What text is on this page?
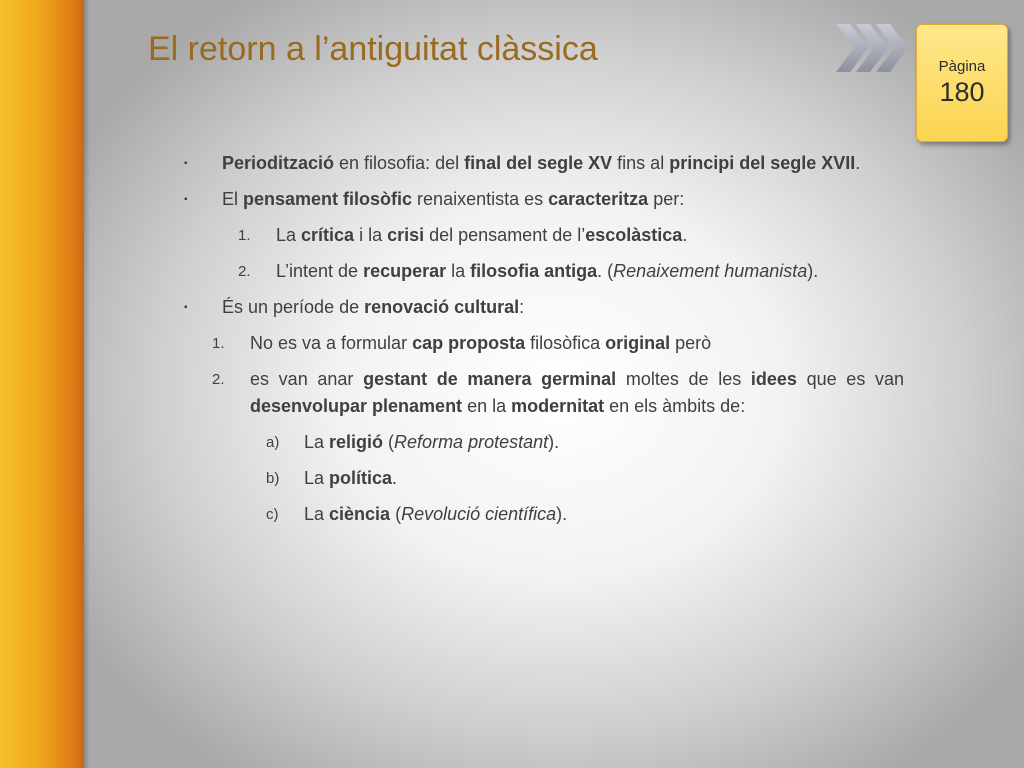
El retorn a l’antiguitat clàssica	Pàgina
180
▪ Periodització en filosofia: del final del segle XV fins al principi del segle XVII.
▪ El pensament filosòfic renaixentista es caracteritza per:
1. La crítica i la crisi del pensament de l’escolàstica.
2. L’intent de recuperar la filosofia antiga. (Renaixement humanista).
▪ És un període de renovació cultural:
1. No es va a formular cap proposta filosòfica original però
2. es van anar gestant de manera germinal moltes de les idees que es van desenvolupar plenament en la modernitat en els àmbits de:
a) La religió (Reforma protestant).
b) La política.
c) La ciència (Revolució científica).
